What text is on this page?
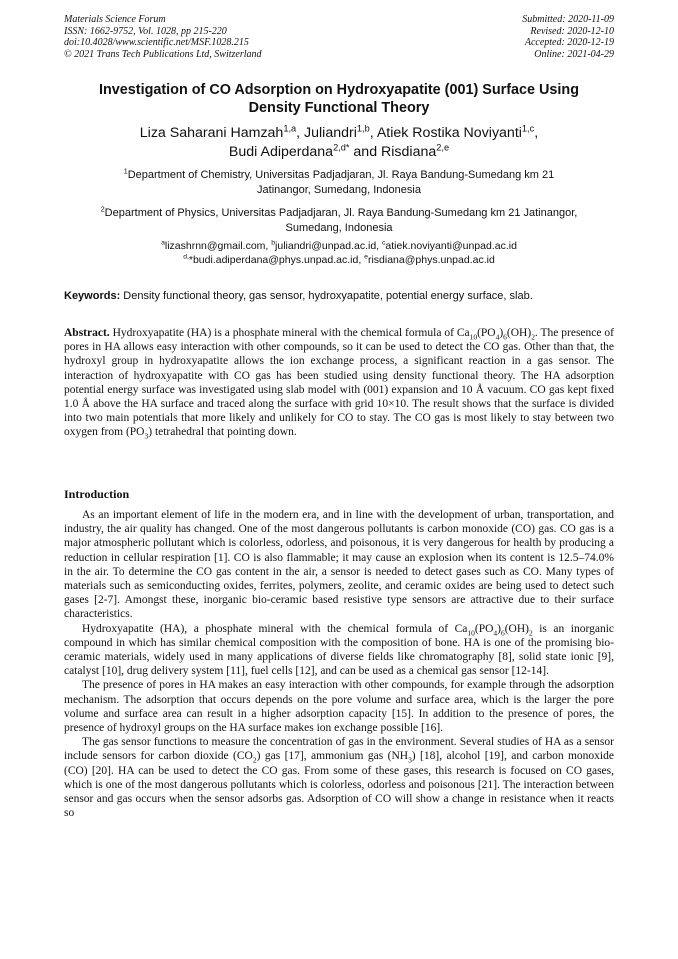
Materials Science Forum
ISSN: 1662-9752, Vol. 1028, pp 215-220
doi:10.4028/www.scientific.net/MSF.1028.215
© 2021 Trans Tech Publications Ltd, Switzerland
Submitted: 2020-11-09
Revised: 2020-12-10
Accepted: 2020-12-19
Online: 2021-04-29
Investigation of CO Adsorption on Hydroxyapatite (001) Surface Using
Density Functional Theory
Liza Saharani Hamzah$^{1,a}$, Juliandri$^{1,b}$, Atiek Rostika Noviyanti$^{1,c}$,
Budi Adiperdana$^{2,d*}$ and Risdiana$^{2,e}$
$^1$Department of Chemistry, Universitas Padjadjaran, Jl. Raya Bandung-Sumedang km 21
Jatinangor, Sumedang, Indonesia
$^2$Department of Physics, Universitas Padjadjaran, Jl. Raya Bandung-Sumedang km 21 Jatinangor,
Sumedang, Indonesia
$^a$lizashrnn@gmail.com, $^b$juliandri@unpad.ac.id, $^c$atiek.noviyanti@unpad.ac.id
$^{d,}$*budi.adiperdana@phys.unpad.ac.id, $^e$risdiana@phys.unpad.ac.id
Keywords: Density functional theory, gas sensor, hydroxyapatite, potential energy surface, slab.
Abstract. Hydroxyapatite (HA) is a phosphate mineral with the chemical formula of $Ca_{10}(PO_4)_6(OH)_2$. The presence of pores in HA allows easy interaction with other compounds, so it can be used to detect the CO gas. Other than that, the hydroxyl group in hydroxyapatite allows the ion exchange process, a significant reaction in a gas sensor. The interaction of hydroxyapatite with CO gas has been studied using density functional theory. The HA adsorption potential energy surface was investigated using slab model with (001) expansion and 10 Å vacuum. CO gas kept fixed 1.0 Å above the HA surface and traced along the surface with grid 10×10. The result shows that the surface is divided into two main potentials that more likely and unlikely for CO to stay. The CO gas is most likely to stay between two oxygen from $(PO_3)$ tetrahedral that pointing down.
Introduction

As an important element of life in the modern era, and in line with the development of urban, transportation, and industry, the air quality has changed. One of the most dangerous pollutants is carbon monoxide (CO) gas. CO gas is a major atmospheric pollutant which is colorless, odorless, and poisonous, it is very dangerous for health by producing a reduction in cellular respiration [1]. CO is also flammable; it may cause an explosion when its content is 12.5–74.0% in the air. To determine the CO gas content in the air, a sensor is needed to detect gases such as CO. Many types of materials such as semiconducting oxides, ferrites, polymers, zeolite, and ceramic oxides are being used to detect such gases [2-7]. Amongst these, inorganic bio-ceramic based resistive type sensors are attractive due to their surface characteristics.

Hydroxyapatite (HA), a phosphate mineral with the chemical formula of $Ca_{10}(PO_4)_6(OH)_2$ is an inorganic compound in which has similar chemical composition with the composition of bone. HA is one of the promising bio-ceramic materials, widely used in many applications of diverse fields like chromatography [8], solid state ionic [9], catalyst [10], drug delivery system [11], fuel cells [12], and can be used as a chemical gas sensor [12-14].

The presence of pores in HA makes an easy interaction with other compounds, for example through the adsorption mechanism. The adsorption that occurs depends on the pore volume and surface area, which is the larger the pore volume and surface area can result in a higher adsorption capacity [15]. In addition to the presence of pores, the presence of hydroxyl groups on the HA surface makes ion exchange possible [16].

The gas sensor functions to measure the concentration of gas in the environment. Several studies of HA as a sensor include sensors for carbon dioxide $(CO_2)$ gas [17], ammonium gas $(NH_3)$ [18], alcohol [19], and carbon monoxide (CO) [20]. HA can be used to detect the CO gas. From some of these gases, this research is focused on CO gases, which is one of the most dangerous pollutants which is colorless, odorless and poisonous [21]. The interaction between sensor and gas occurs when the sensor adsorbs gas. Adsorption of CO will show a change in resistance when it reacts so
